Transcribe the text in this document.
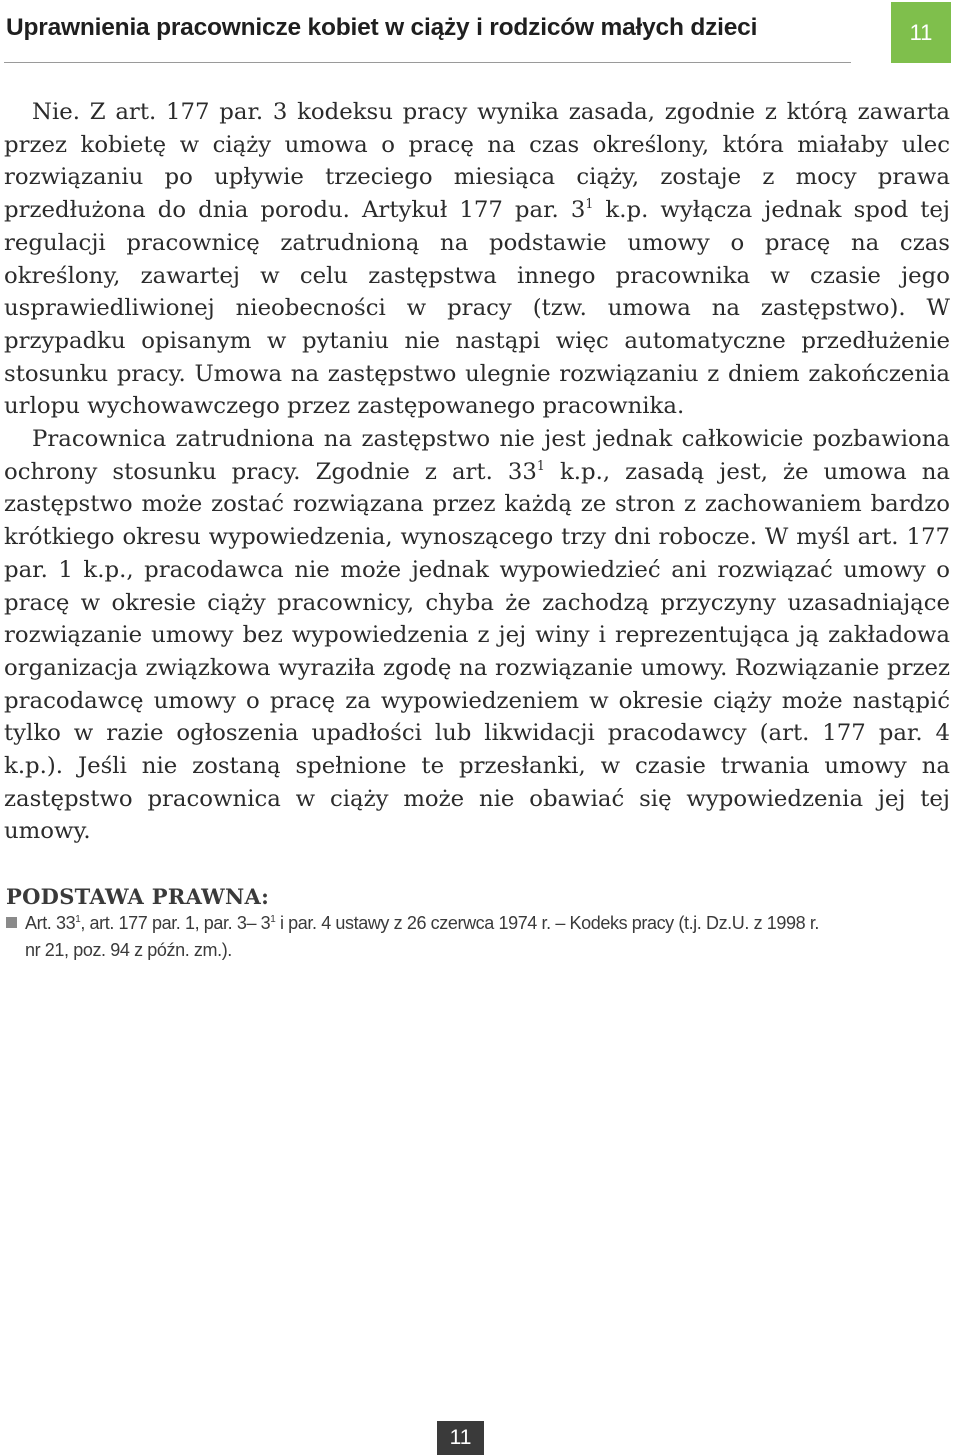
Uprawnienia pracownicze kobiet w ciąży i rodziców małych dzieci	11

Nie. Z art. 177 par. 3 kodeksu pracy wynika zasada, zgodnie z którą zawarta przez kobietę w ciąży umowa o pracę na czas określony, która miałaby ulec rozwiązaniu po upływie trzeciego miesiąca ciąży, zostaje z mocy prawa przedłużona do dnia porodu. Artykuł 177 par. $3^1$ k.p. wyłącza jednak spod tej regulacji pracownicę zatrudnioną na podstawie umowy o pracę na czas określony, zawartej w celu zastępstwa innego pracownika w czasie jego usprawiedliwionej nieobecności w pracy (tzw. umowa na zastępstwo). W przypadku opisanym w pytaniu nie nastąpi więc automatyczne przedłużenie stosunku pracy. Umowa na zastępstwo ulegnie rozwiązaniu z dniem zakończenia urlopu wychowawczego przez zastępowanego pracownika.

Pracownica zatrudniona na zastępstwo nie jest jednak całkowicie pozbawiona ochrony stosunku pracy. Zgodnie z art. $33^1$ k.p., zasadą jest, że umowa na zastępstwo może zostać rozwiązana przez każdą ze stron z zachowaniem bardzo krótkiego okresu wypowiedzenia, wynoszącego trzy dni robocze. W myśl art. 177 par. 1 k.p., pracodawca nie może jednak wypowiedzieć ani rozwiązać umowy o pracę w okresie ciąży pracownicy, chyba że zachodzą przyczyny uzasadniające rozwiązanie umowy bez wypowiedzenia z jej winy i reprezentująca ją zakładowa organizacja związkowa wyraziła zgodę na rozwiązanie umowy. Rozwiązanie przez pracodawcę umowy o pracę za wypowiedzeniem w okresie ciąży może nastąpić tylko w razie ogłoszenia upadłości lub likwidacji pracodawcy (art. 177 par. 4 k.p.). Jeśli nie zostaną spełnione te przesłanki, w czasie trwania umowy na zastępstwo pracownica w ciąży może nie obawiać się wypowiedzenia jej tej umowy.

PODSTAWA PRAWNA:
Art. $33^1$, art. 177 par. 1, par. 3– $3^1$ i par. 4 ustawy z 26 czerwca 1974 r. – Kodeks pracy (t.j. Dz.U. z 1998 r.
nr 21, poz. 94 z późn. zm.).
11
